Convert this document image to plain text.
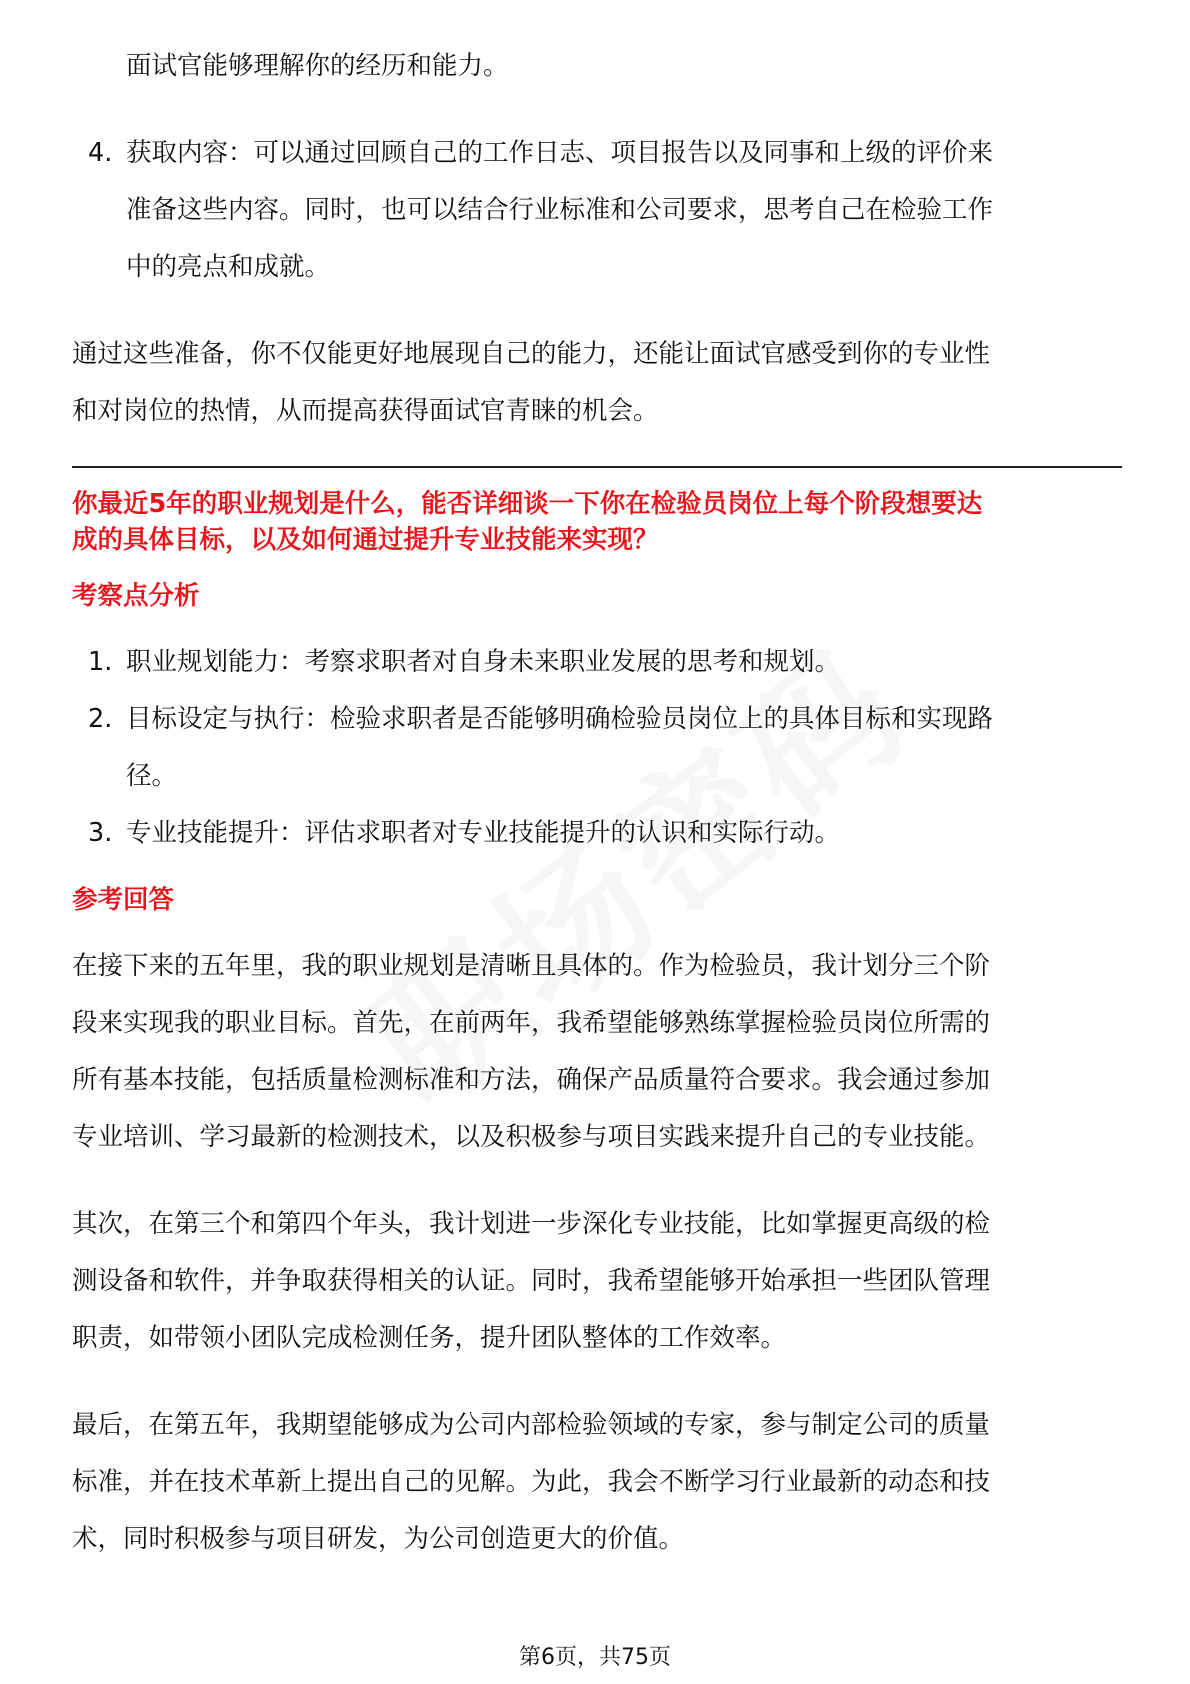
面试官能够理解你的经历和能力。

4. 获取内容：可以通过回顾自己的工作日志、项目报告以及同事和上级的评价来
准备这些内容。同时，也可以结合行业标准和公司要求，思考自己在检验工作
中的亮点和成就。

通过这些准备，你不仅能更好地展现自己的能力，还能让面试官感受到你的专业性

和对岗位的热情，从而提高获得面试官青睐的机会。

你最近5年的职业规划是什么，能否详细谈一下你在检验员岗位上每个阶段想要达

成的具体目标，以及如何通过提升专业技能来实现？

考察点分析

1. 职业规划能力：考察求职者对自身未来职业发展的思考和规划。
2. 目标设定与执行：检验求职者是否能够明确检验员岗位上的具体目标和实现路
径。
3. 专业技能提升：评估求职者对专业技能提升的认识和实际行动。

参考回答

在接下来的五年里，我的职业规划是清晰且具体的。作为检验员，我计划分三个阶

段来实现我的职业目标。首先，在前两年，我希望能够熟练掌握检验员岗位所需的

所有基本技能，包括质量检测标准和方法，确保产品质量符合要求。我会通过参加

专业培训、学习最新的检测技术，以及积极参与项目实践来提升自己的专业技能。

其次，在第三个和第四个年头，我计划进一步深化专业技能，比如掌握更高级的检

测设备和软件，并争取获得相关的认证。同时，我希望能够开始承担一些团队管理

职责，如带领小团队完成检测任务，提升团队整体的工作效率。

最后，在第五年，我期望能够成为公司内部检验领域的专家，参与制定公司的质量

标准，并在技术革新上提出自己的见解。为此，我会不断学习行业最新的动态和技

术，同时积极参与项目研发，为公司创造更大的价值。

第6页，共75页
